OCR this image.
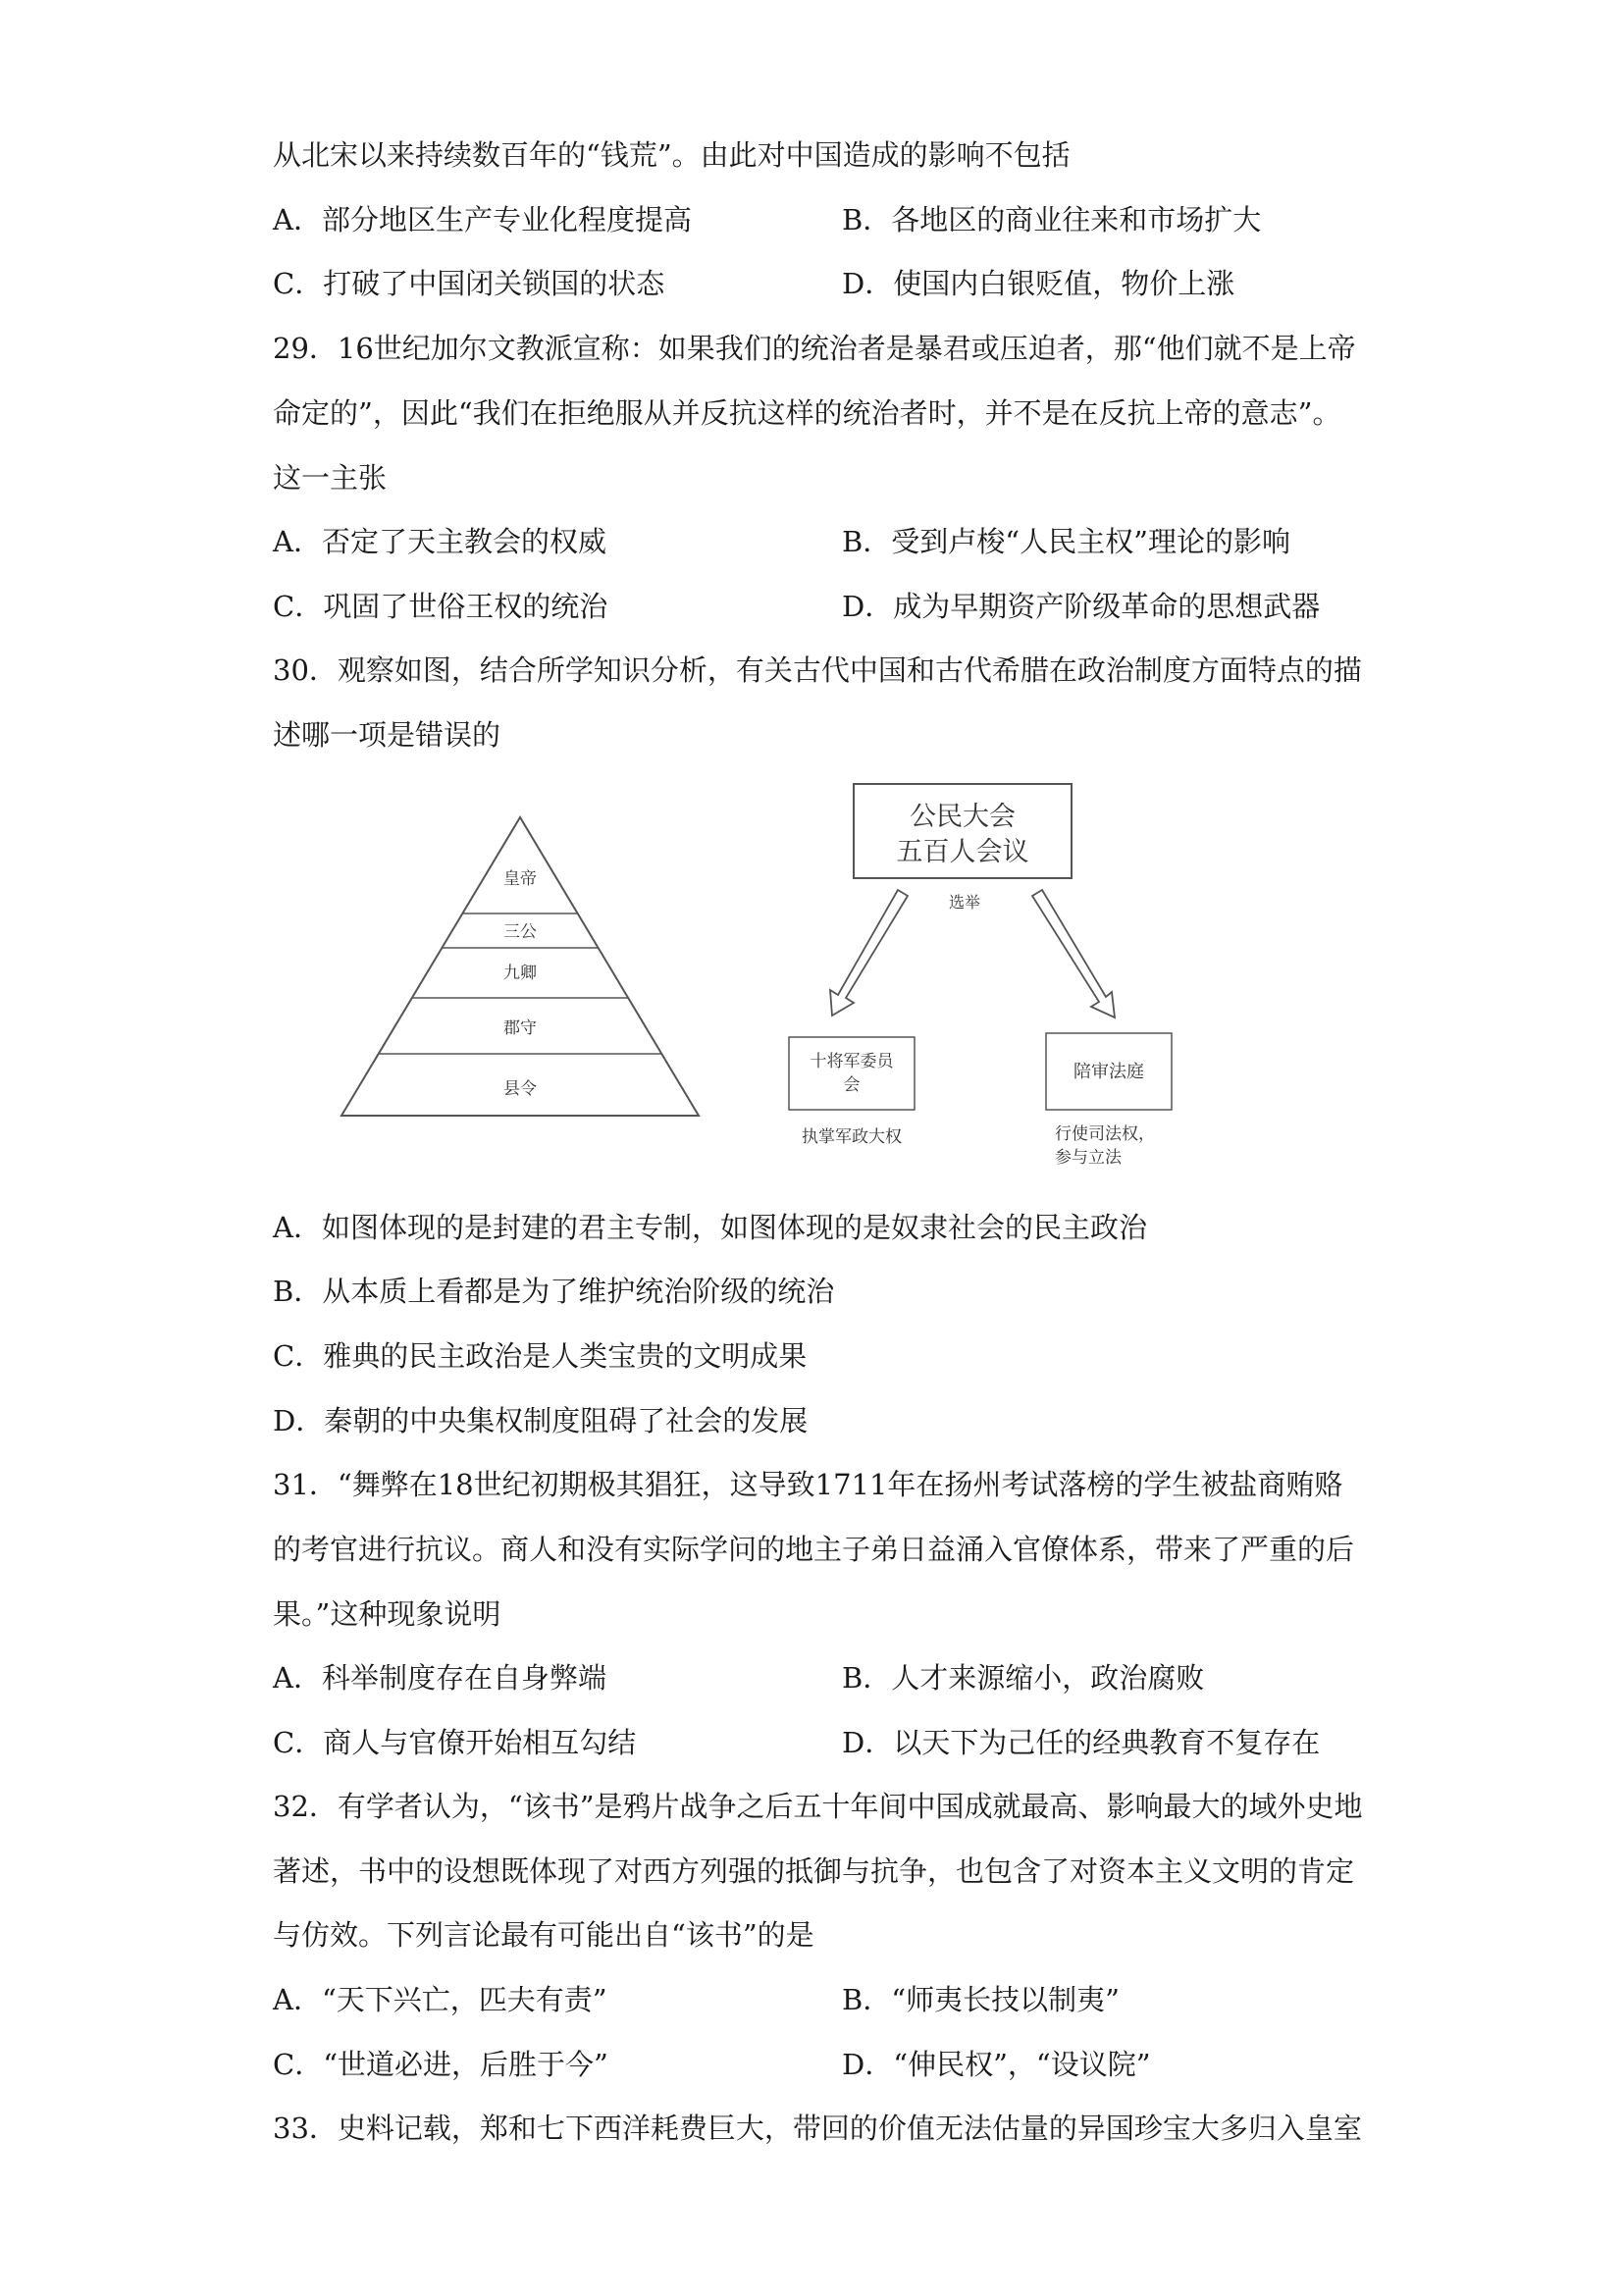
从北宋以来持续数百年的“钱荒”。由此对中国造成的影响不包括
A．部分地区生产专业化程度提高	B．各地区的商业往来和市场扩大
C．打破了中国闭关锁国的状态	D．使国内白银贬值，物价上涨
29．16世纪加尔文教派宣称：如果我们的统治者是暴君或压迫者，那“他们就不是上帝
命定的”，因此“我们在拒绝服从并反抗这样的统治者时，并不是在反抗上帝的意志”。
这一主张
A．否定了天主教会的权威	B．受到卢梭“人民主权”理论的影响
C．巩固了世俗王权的统治	D．成为早期资产阶级革命的思想武器
30．观察如图，结合所学知识分析，有关古代中国和古代希腊在政治制度方面特点的描
述哪一项是错误的
皇帝
三公
九卿
郡守
县令
公民大会
五百人会议
选举
十将军委员
会
执掌军政大权
陪审法庭
行使司法权，
参与立法
A．如图体现的是封建的君主专制，如图体现的是奴隶社会的民主政治
B．从本质上看都是为了维护统治阶级的统治
C．雅典的民主政治是人类宝贵的文明成果
D．秦朝的中央集权制度阻碍了社会的发展
31．“舞弊在18世纪初期极其猖狂，这导致1711年在扬州考试落榜的学生被盐商贿赂
的考官进行抗议。商人和没有实际学问的地主子弟日益涌入官僚体系，带来了严重的后
果。”这种现象说明
A．科举制度存在自身弊端	B．人才来源缩小，政治腐败
C．商人与官僚开始相互勾结	D．以天下为己任的经典教育不复存在
32．有学者认为，“该书”是鸦片战争之后五十年间中国成就最高、影响最大的域外史地
著述，书中的设想既体现了对西方列强的抵御与抗争，也包含了对资本主义文明的肯定
与仿效。下列言论最有可能出自“该书”的是
A．“天下兴亡，匹夫有责”	B．“师夷长技以制夷”
C．“世道必进，后胜于今”	D．“伸民权”，“设议院”
33．史料记载，郑和七下西洋耗费巨大，带回的价值无法估量的异国珍宝大多归入皇室
